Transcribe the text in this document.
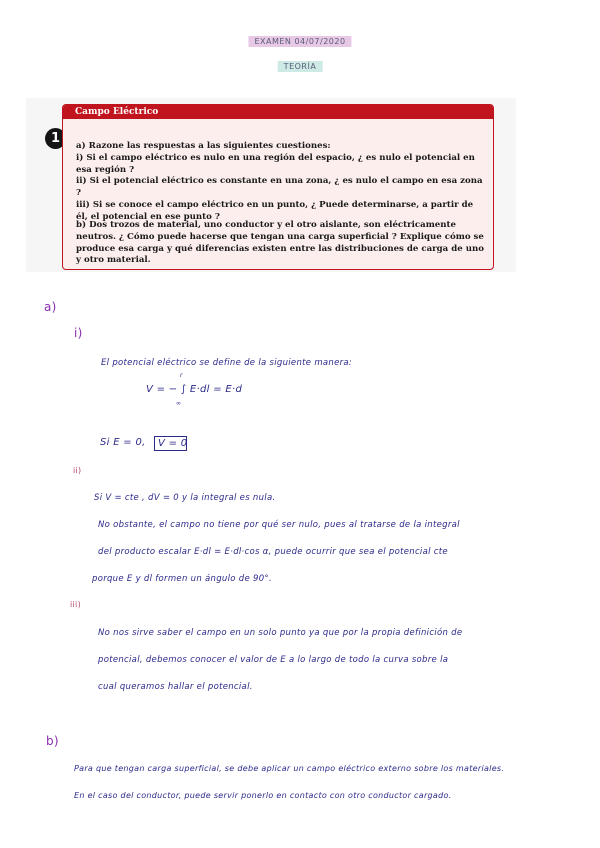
EXAMEN 04/07/2020
TEORÍA
1
Campo Eléctrico
a) Razone las respuestas a las siguientes cuestiones:
i) Si el campo eléctrico es nulo en una región del espacio, ¿ es nulo el potencial en esa región ?
ii) Si el potencial eléctrico es constante en una zona, ¿ es nulo el campo en esa zona ?
iii) Si se conoce el campo eléctrico en un punto, ¿ Puede determinarse, a partir de él, el potencial en ese punto ?
b) Dos trozos de material, uno conductor y el otro aislante, son eléctricamente neutros. ¿ Cómo puede hacerse que tengan una carga superficial ? Explique cómo se produce esa carga y qué diferencias existen entre las distribuciones de carga de uno y otro material.
a)
i)
El potencial eléctrico se define de la siguiente manera:
V = − ∫ E·dl = E·d
r
∞
Si E = 0, V = 0
ii)
Si V = cte , dV = 0 y la integral es nula.
No obstante, el campo no tiene por qué ser nulo, pues al tratarse de la integral
del producto escalar E·dl = E·dl·cos α, puede ocurrir que sea el potencial cte
porque E y dl formen un ángulo de 90°.
iii)
No nos sirve saber el campo en un solo punto ya que por la propia definición de
potencial, debemos conocer el valor de E a lo largo de todo la curva sobre la
cual queramos hallar el potencial.
b)
Para que tengan carga superficial, se debe aplicar un campo eléctrico externo sobre los materiales.
En el caso del conductor, puede servir ponerlo en contacto con otro conductor cargado.
